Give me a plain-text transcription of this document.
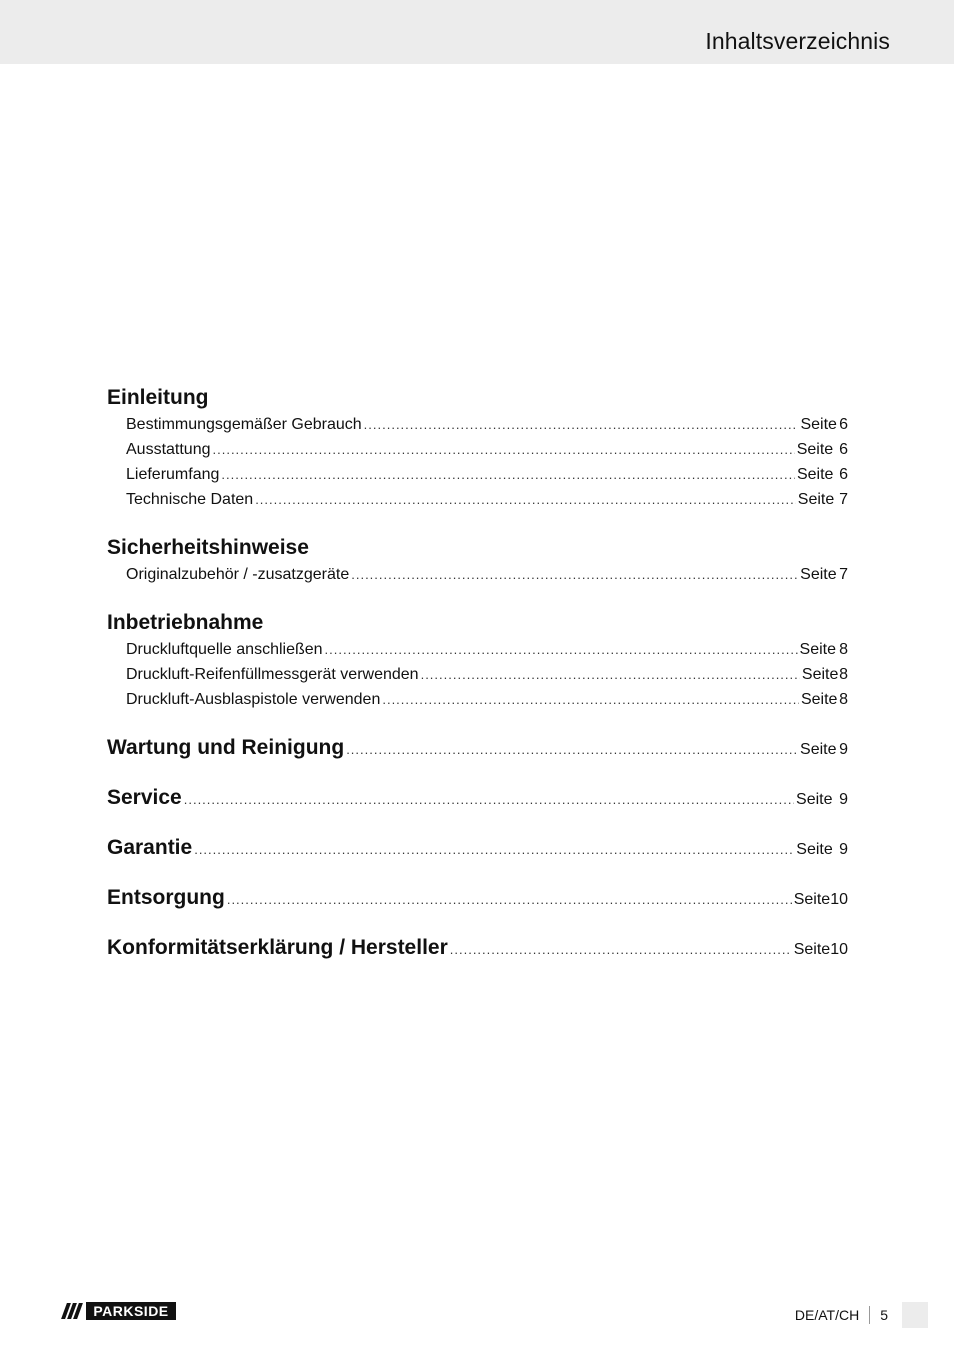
Inhaltsverzeichnis
Einleitung
Bestimmungsgemäßer Gebrauch .....	Seite 6
Ausstattung .....	Seite 6
Lieferumfang .....	Seite 6
Technische Daten .....	Seite 7
Sicherheitshinweise
Originalzubehör / -zusatzgeräte .....	Seite 7
Inbetriebnahme
Druckluftquelle anschließen .....	Seite 8
Druckluft-Reifenfüllmessgerät verwenden .....	Seite 8
Druckluft-Ausblaspistole verwenden .....	Seite 8
Wartung und Reinigung .....	Seite 9
Service .....	Seite 9
Garantie .....	Seite 9
Entsorgung .....	Seite 10
Konformitätserklärung / Hersteller .....	Seite 10
PARKSIDE	DE/AT/CH 5
